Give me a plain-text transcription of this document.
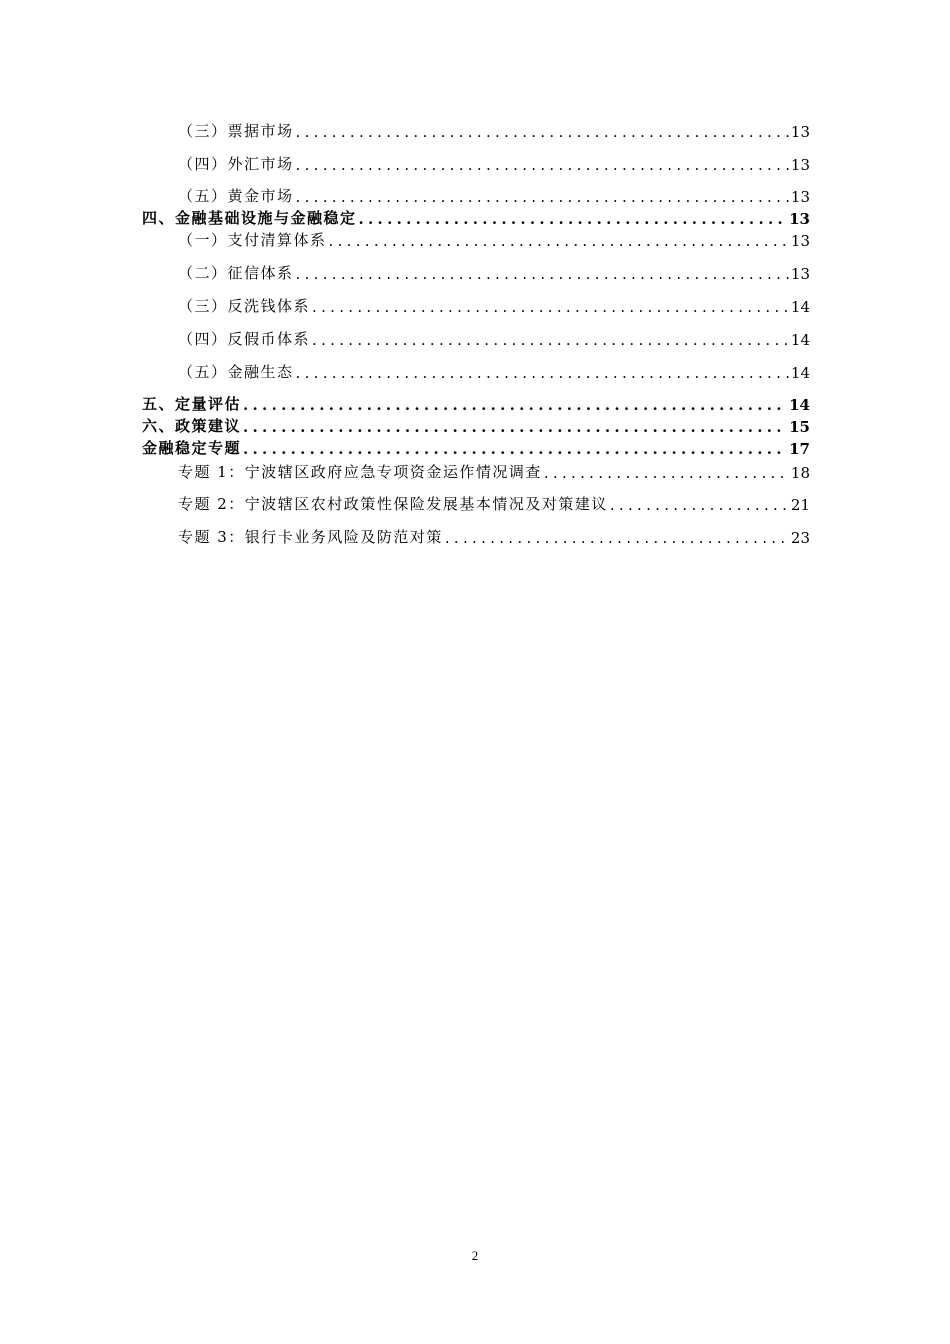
（三）票据市场 .....	13
（四）外汇市场 .....	13
（五）黄金市场 .....	13
四、金融基础设施与金融稳定 .....	13
（一）支付清算体系 .....	13
（二）征信体系 .....	13
（三）反洗钱体系 .....	14
（四）反假币体系 .....	14
（五）金融生态 .....	14
五、定量评估 .....	14
六、政策建议 .....	15
金融稳定专题 .....	17
专题 1：宁波辖区政府应急专项资金运作情况调查 .....	18
专题 2：宁波辖区农村政策性保险发展基本情况及对策建议 .....	21
专题 3：银行卡业务风险及防范对策 .....	23
2
